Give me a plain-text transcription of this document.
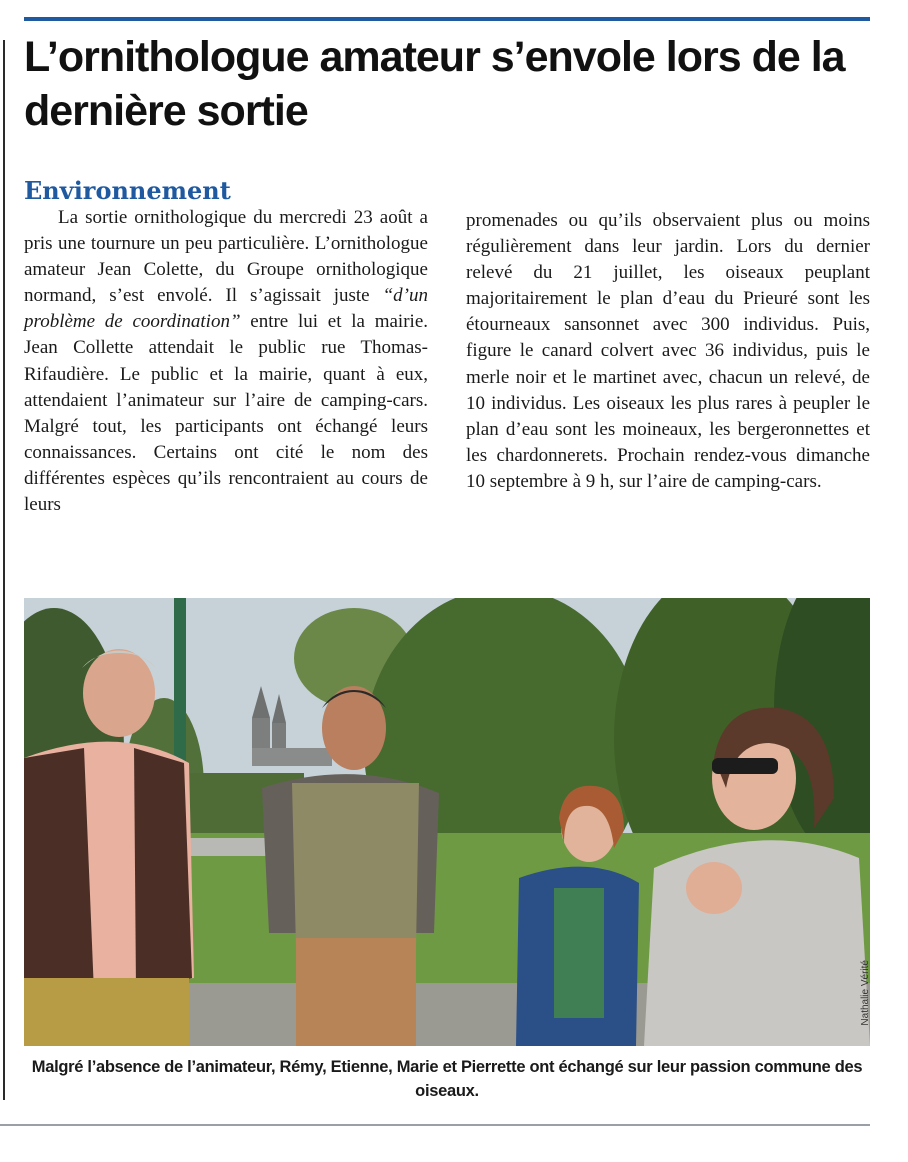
L’ornithologue amateur s’envole lors de la dernière sortie
Environnement

La sortie ornithologique du mercredi 23 août a pris une tournure un peu particulière. L’ornithologue amateur Jean Colette, du Groupe ornithologique normand, s’est envolé. Il s’agissait juste “d’un problème de coordination” entre lui et la mairie. Jean Collette attendait le public rue Thomas-Rifaudière. Le public et la mairie, quant à eux, attendaient l’animateur sur l’aire de camping-cars. Malgré tout, les participants ont échangé leurs connaissances. Certains ont cité le nom des différentes espèces qu’ils rencontraient au cours de leurs

promenades ou qu’ils observaient plus ou moins régulièrement dans leur jardin. Lors du dernier relevé du 21 juillet, les oiseaux peuplant majoritairement le plan d’eau du Prieuré sont les étourneaux sansonnet avec 300 individus. Puis, figure le canard colvert avec 36 individus, puis le merle noir et le martinet avec, chacun un relevé, de 10 individus. Les oiseaux les plus rares à peupler le plan d’eau sont les moineaux, les bergeronnettes et les chardonnerets. Prochain rendez-vous dimanche 10 septembre à 9 h, sur l’aire de camping-cars.

Nathalie Vérité

Malgré l’absence de l’animateur, Rémy, Etienne, Marie et Pierrette ont échangé sur leur passion commune des oiseaux.
